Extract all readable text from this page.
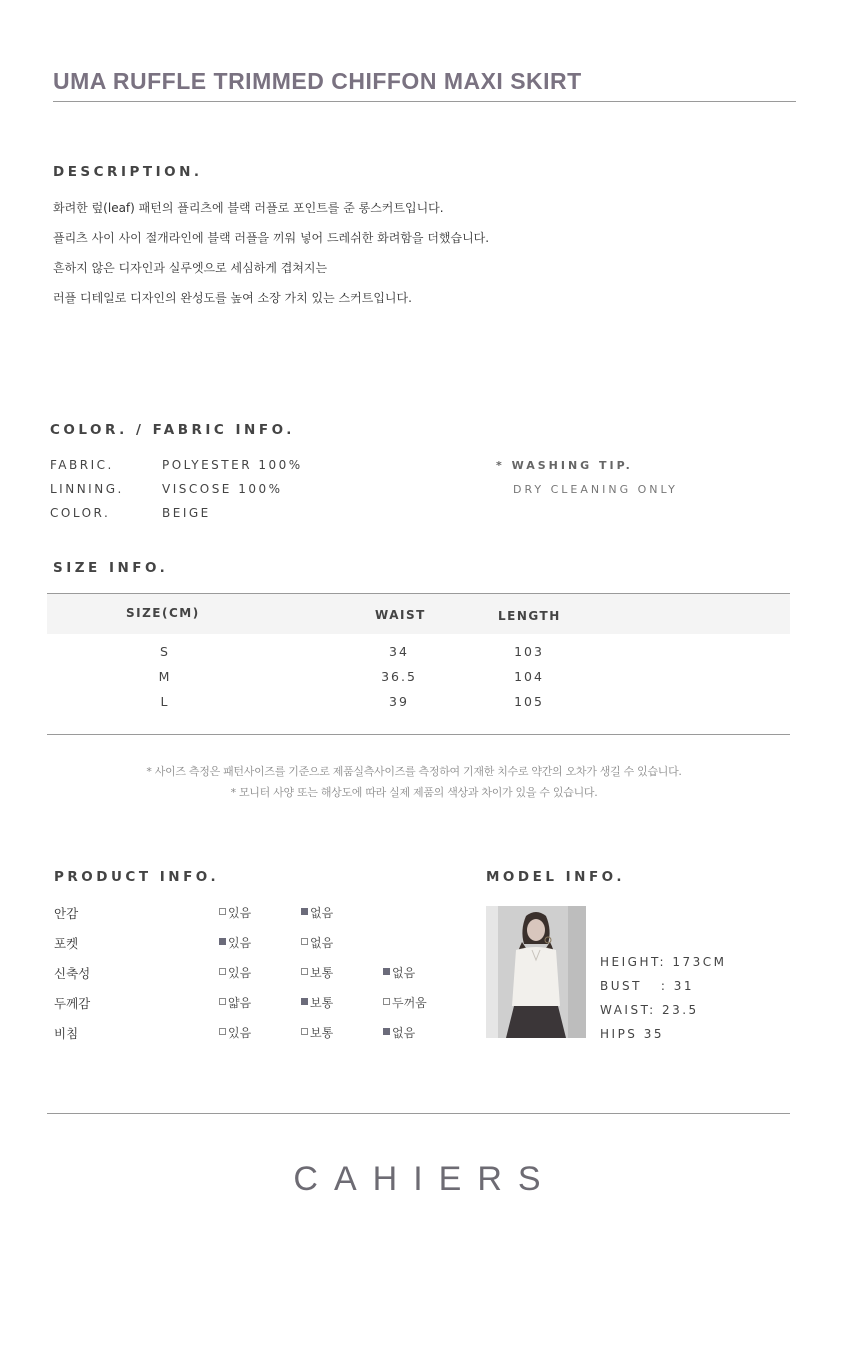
UMA RUFFLE TRIMMED CHIFFON MAXI SKIRT
DESCRIPTION.
화려한 렆(leaf) 패턴의 플리츠에 블랙 러플로 포인트를 준 롱스커트입니다.
플리츠 사이 사이 절개라인에 블랙 러플을 끼워 넣어 드레쉬한 화려함을 더했습니다.
흔하지 않은 디자인과 실루엣으로 세심하게 겹쳐지는
러플 디테일로 디자인의 완성도를 높여 소장 가치 있는 스커트입니다.
COLOR. / FABRIC INFO.
FABRIC.	POLYESTER 100%
LINNING.	VISCOSE 100%
COLOR.	BEIGE
* WASHING TIP.
DRY CLEANING ONLY
SIZE INFO.
SIZE(CM)	WAIST	LENGTH
S	34	103
M	36.5	104
L	39	105
* 사이즈 측정은 패턴사이즈를 기준으로 제품실측사이즈를 측정하여 기재한 치수로 약간의 오차가 생길 수 있습니다.
* 모니터 사양 또는 해상도에 따라 실제 제품의 색상과 차이가 있을 수 있습니다.
PRODUCT INFO.
안감	있음	없음
포켓	있음	없음
신축성	있음	보통	없음
두께감	얇음	보통	두꺼움
비침	있음	보통	없음
MODEL INFO.
HEIGHT: 173CM
BUST   : 31
WAIST: 23.5
HIPS 35
CAHIERS
